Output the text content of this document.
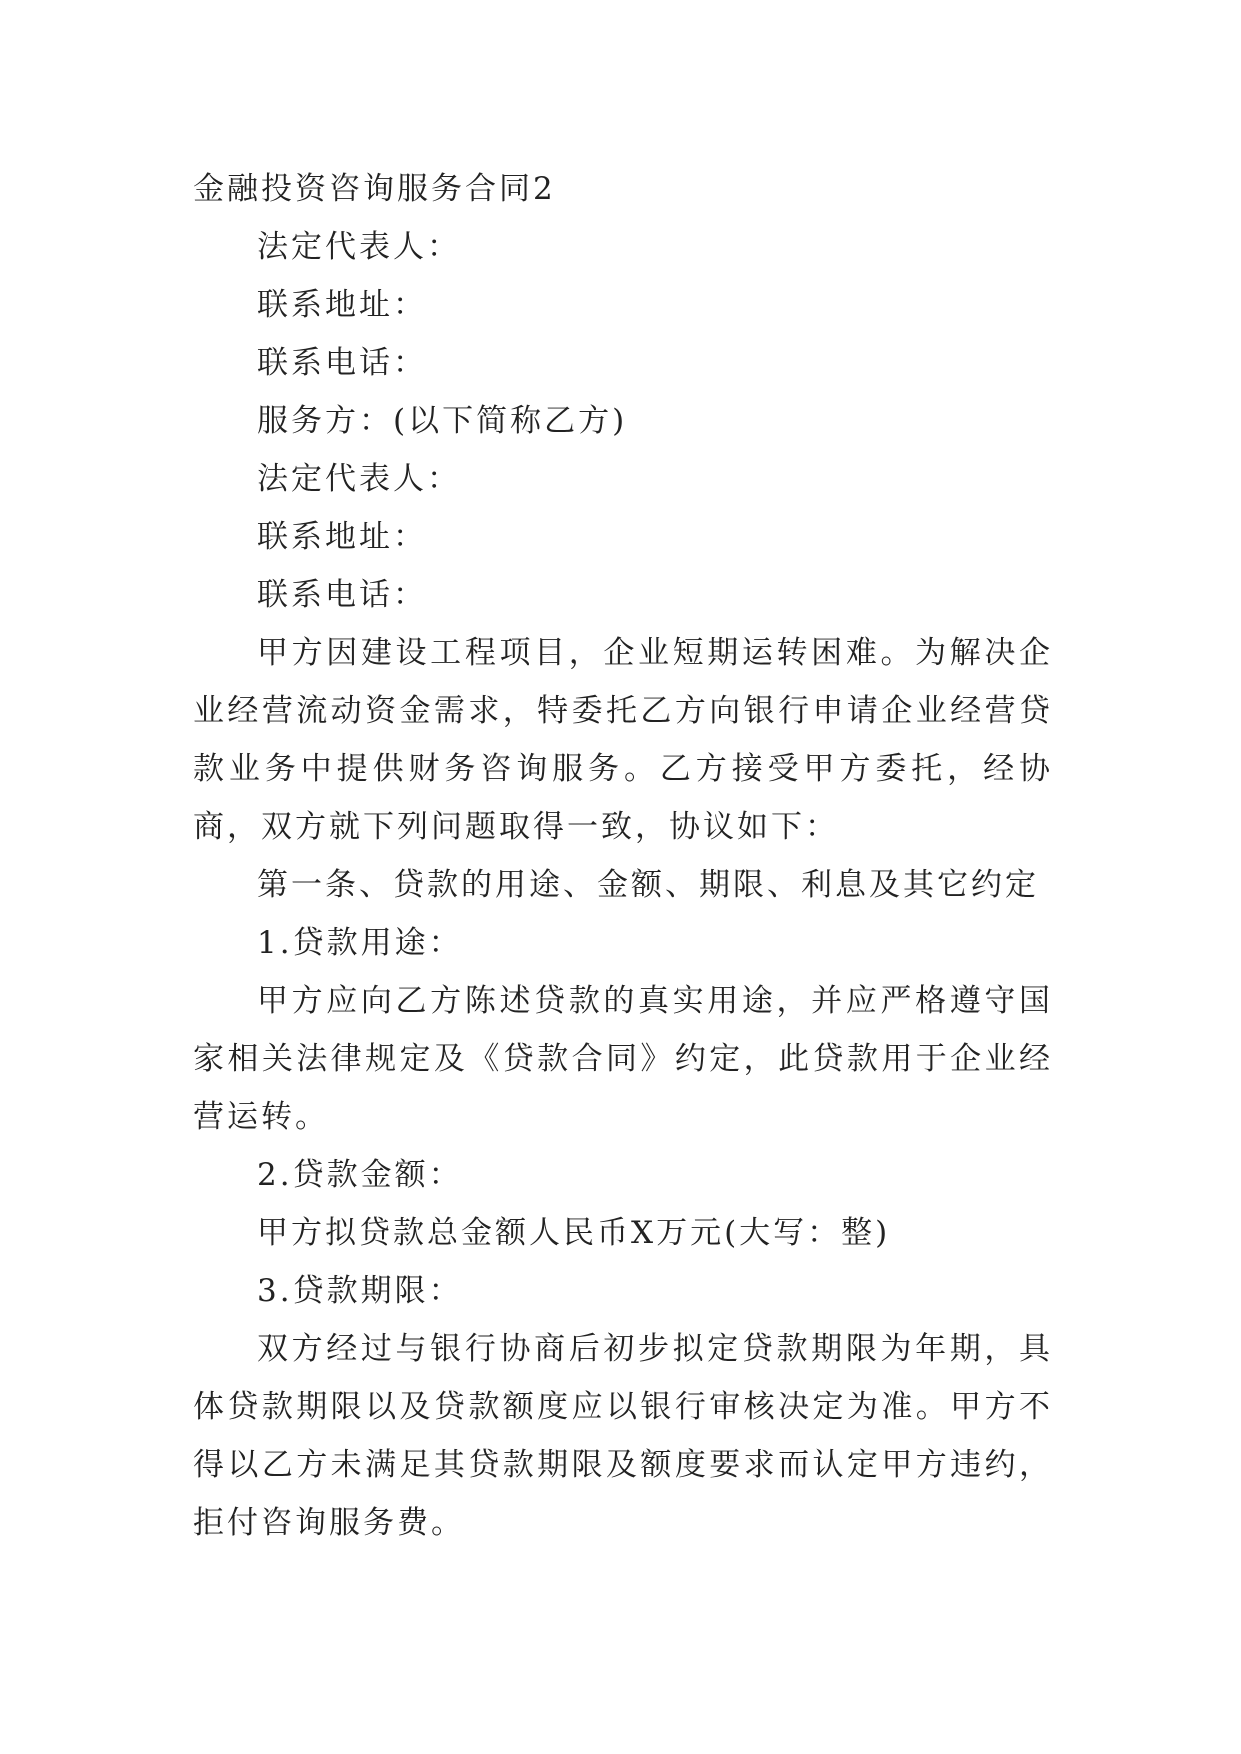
金融投资咨询服务合同2

法定代表人：

联系地址：

联系电话：

服务方：(以下简称乙方)

法定代表人：

联系地址：

联系电话：

甲方因建设工程项目，企业短期运转困难。为解决企业经营流动资金需求，特委托乙方向银行申请企业经营贷款业务中提供财务咨询服务。乙方接受甲方委托，经协商，双方就下列问题取得一致，协议如下：

第一条、贷款的用途、金额、期限、利息及其它约定

1.贷款用途：

甲方应向乙方陈述贷款的真实用途，并应严格遵守国家相关法律规定及《贷款合同》约定，此贷款用于企业经营运转。

2.贷款金额：

甲方拟贷款总金额人民币X万元(大写：整)

3.贷款期限：

双方经过与银行协商后初步拟定贷款期限为年期，具体贷款期限以及贷款额度应以银行审核决定为准。甲方不得以乙方未满足其贷款期限及额度要求而认定甲方违约，拒付咨询服务费。
